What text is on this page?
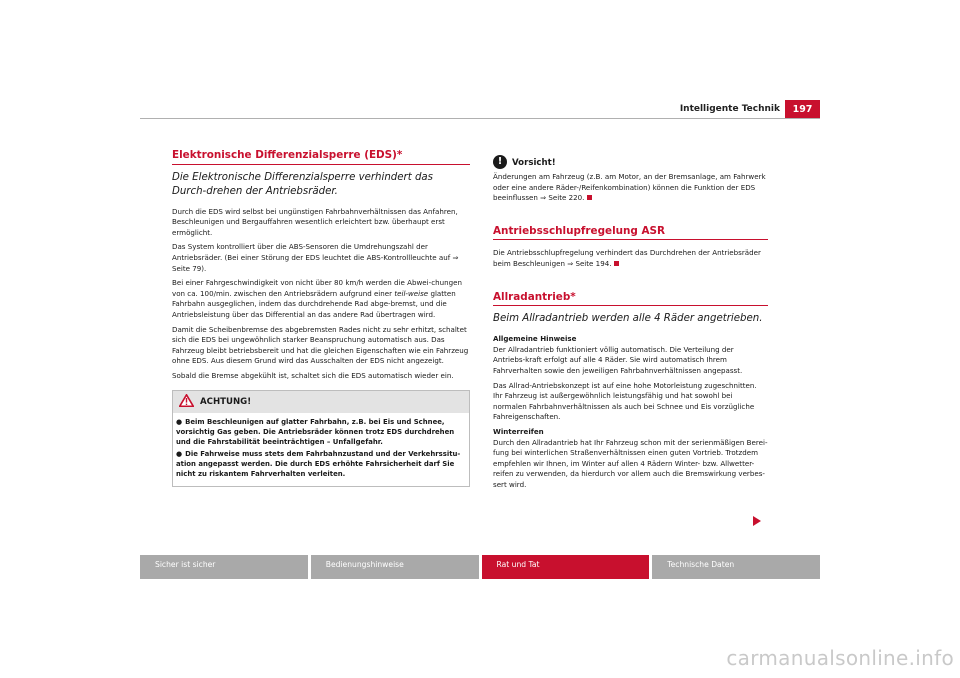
Intelligente Technik	197
Elektronische Differenzialsperre (EDS)*
Die Elektronische Differenzialsperre verhindert das Durch-drehen der Antriebsräder.

Durch die EDS wird selbst bei ungünstigen Fahrbahnverhältnissen das Anfahren, Beschleunigen und Bergauffahren wesentlich erleichtert bzw. überhaupt erst ermöglicht.

Das System kontrolliert über die ABS-Sensoren die Umdrehungszahl der Antriebsräder. (Bei einer Störung der EDS leuchtet die ABS-Kontrollleuchte auf ⇒ Seite 79).

Bei einer Fahrgeschwindigkeit von nicht über 80 km/h werden die Abwei-chungen von ca. 100/min. zwischen den Antriebsrädern aufgrund einer teil-weise glatten Fahrbahn ausgeglichen, indem das durchdrehende Rad abge-bremst, und die Antriebsleistung über das Differential an das andere Rad übertragen wird.

Damit die Scheibenbremse des abgebremsten Rades nicht zu sehr erhitzt, schaltet sich die EDS bei ungewöhnlich starker Beanspruchung automatisch aus. Das Fahrzeug bleibt betriebsbereit und hat die gleichen Eigenschaften wie ein Fahrzeug ohne EDS. Aus diesem Grund wird das Ausschalten der EDS nicht angezeigt.

Sobald die Bremse abgekühlt ist, schaltet sich die EDS automatisch wieder ein.

ACHTUNG!

● Beim Beschleunigen auf glatter Fahrbahn, z.B. bei Eis und Schnee, vorsichtig Gas geben. Die Antriebsräder können trotz EDS durchdrehen und die Fahrstabilität beeinträchtigen – Unfallgefahr.

● Die Fahrweise muss stets dem Fahrbahnzustand und der Verkehrssitu-ation angepasst werden. Die durch EDS erhöhte Fahrsicherheit darf Sie nicht zu riskantem Fahrverhalten verleiten.

!	Vorsicht!

Änderungen am Fahrzeug (z.B. am Motor, an der Bremsanlage, am Fahrwerk oder eine andere Räder-/Reifenkombination) können die Funktion der EDS beeinflussen ⇒ Seite 220.

Antriebsschlupfregelung ASR

Die Antriebsschlupfregelung verhindert das Durchdrehen der Antriebsräder beim Beschleunigen ⇒ Seite 194.

Allradantrieb*
Beim Allradantrieb werden alle 4 Räder angetrieben.

Allgemeine Hinweise

Der Allradantrieb funktioniert völlig automatisch. Die Verteilung der Antriebs-kraft erfolgt auf alle 4 Räder. Sie wird automatisch Ihrem Fahrverhalten sowie den jeweiligen Fahrbahnverhältnissen angepasst.

Das Allrad-Antriebskonzept ist auf eine hohe Motorleistung zugeschnitten. Ihr Fahrzeug ist außergewöhnlich leistungsfähig und hat sowohl bei normalen Fahrbahnverhältnissen als auch bei Schnee und Eis vorzügliche Fahreigenschaften.

Winterreifen

Durch den Allradantrieb hat Ihr Fahrzeug schon mit der serienmäßigen Berei-fung bei winterlichen Straßenverhältnissen einen guten Vortrieb. Trotzdem empfehlen wir Ihnen, im Winter auf allen 4 Rädern Winter- bzw. Allwetter-reifen zu verwenden, da hierdurch vor allem auch die Bremswirkung verbes-sert wird.

Sicher ist sicher	Bedienungshinweise	Rat und Tat	Technische Daten
carmanualsonline.info
